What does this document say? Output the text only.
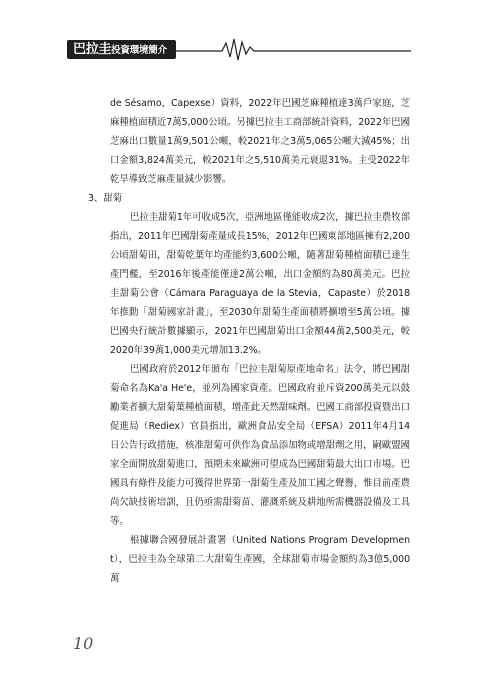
巴拉圭投資環境簡介

de Sésamo，Capexse）資料，2022年巴國芝麻種植達3萬戶家庭，芝麻種植面積近7萬5,000公頃。另據巴拉圭工商部統計資料，2022年巴國芝麻出口數量1萬9,501公噸，較2021年之3萬5,065公噸大減45%；出口金額3,824萬美元，較2021年之5,510萬美元衰退31%。主受2022年乾旱導致芝麻產量減少影響。

3、甜菊

巴拉圭甜菊1年可收成5次，亞洲地區僅能收成2次，據巴拉圭農牧部指出，2011年巴國甜菊產量成長15%，2012年巴國東部地區擁有2,200公頃甜菊田，甜菊乾葉年均產能約3,600公噸，隨著甜菊種植面積已達生產門檻，至2016年後產能僅達2萬公噸，出口金額約為80萬美元。巴拉圭甜菊公會（Cámara Paraguaya de la Stevia，Capaste）於2018年推動「甜菊國家計畫」，至2030年甜菊生產面積將擴增至5萬公頃。據巴國央行統計數據顯示，2021年巴國甜菊出口金額44萬2,500美元，較2020年39萬1,000美元增加13.2%。

巴國政府於2012年頒布「巴拉圭甜菊原產地命名」法令，將巴國甜菊命名為Ka'a He'e，並列為國家資產。巴國政府並斥資200萬美元以鼓勵業者擴大甜菊葉種植面積，增產此天然甜味劑。巴國工商部投資暨出口促進局（Rediex）官員指出，歐洲食品安全局（EFSA）2011年4月14日公告行政措施，核准甜菊可供作為食品添加物或增甜劑之用，嗣歐盟國家全面開放甜菊進口，預期未來歐洲可望成為巴國甜菊最大出口市場。巴國具有條件及能力可獲得世界第一甜菊生產及加工國之聲譽，惟目前產農尚欠缺技術培訓，且仍亟需甜菊苗、灌溉系統及耕地所需機器設備及工具等。

根據聯合國發展計畫署（United Nations Program Development），巴拉圭為全球第二大甜菊生產國，全球甜菊市場金額約為3億5,000萬

10
